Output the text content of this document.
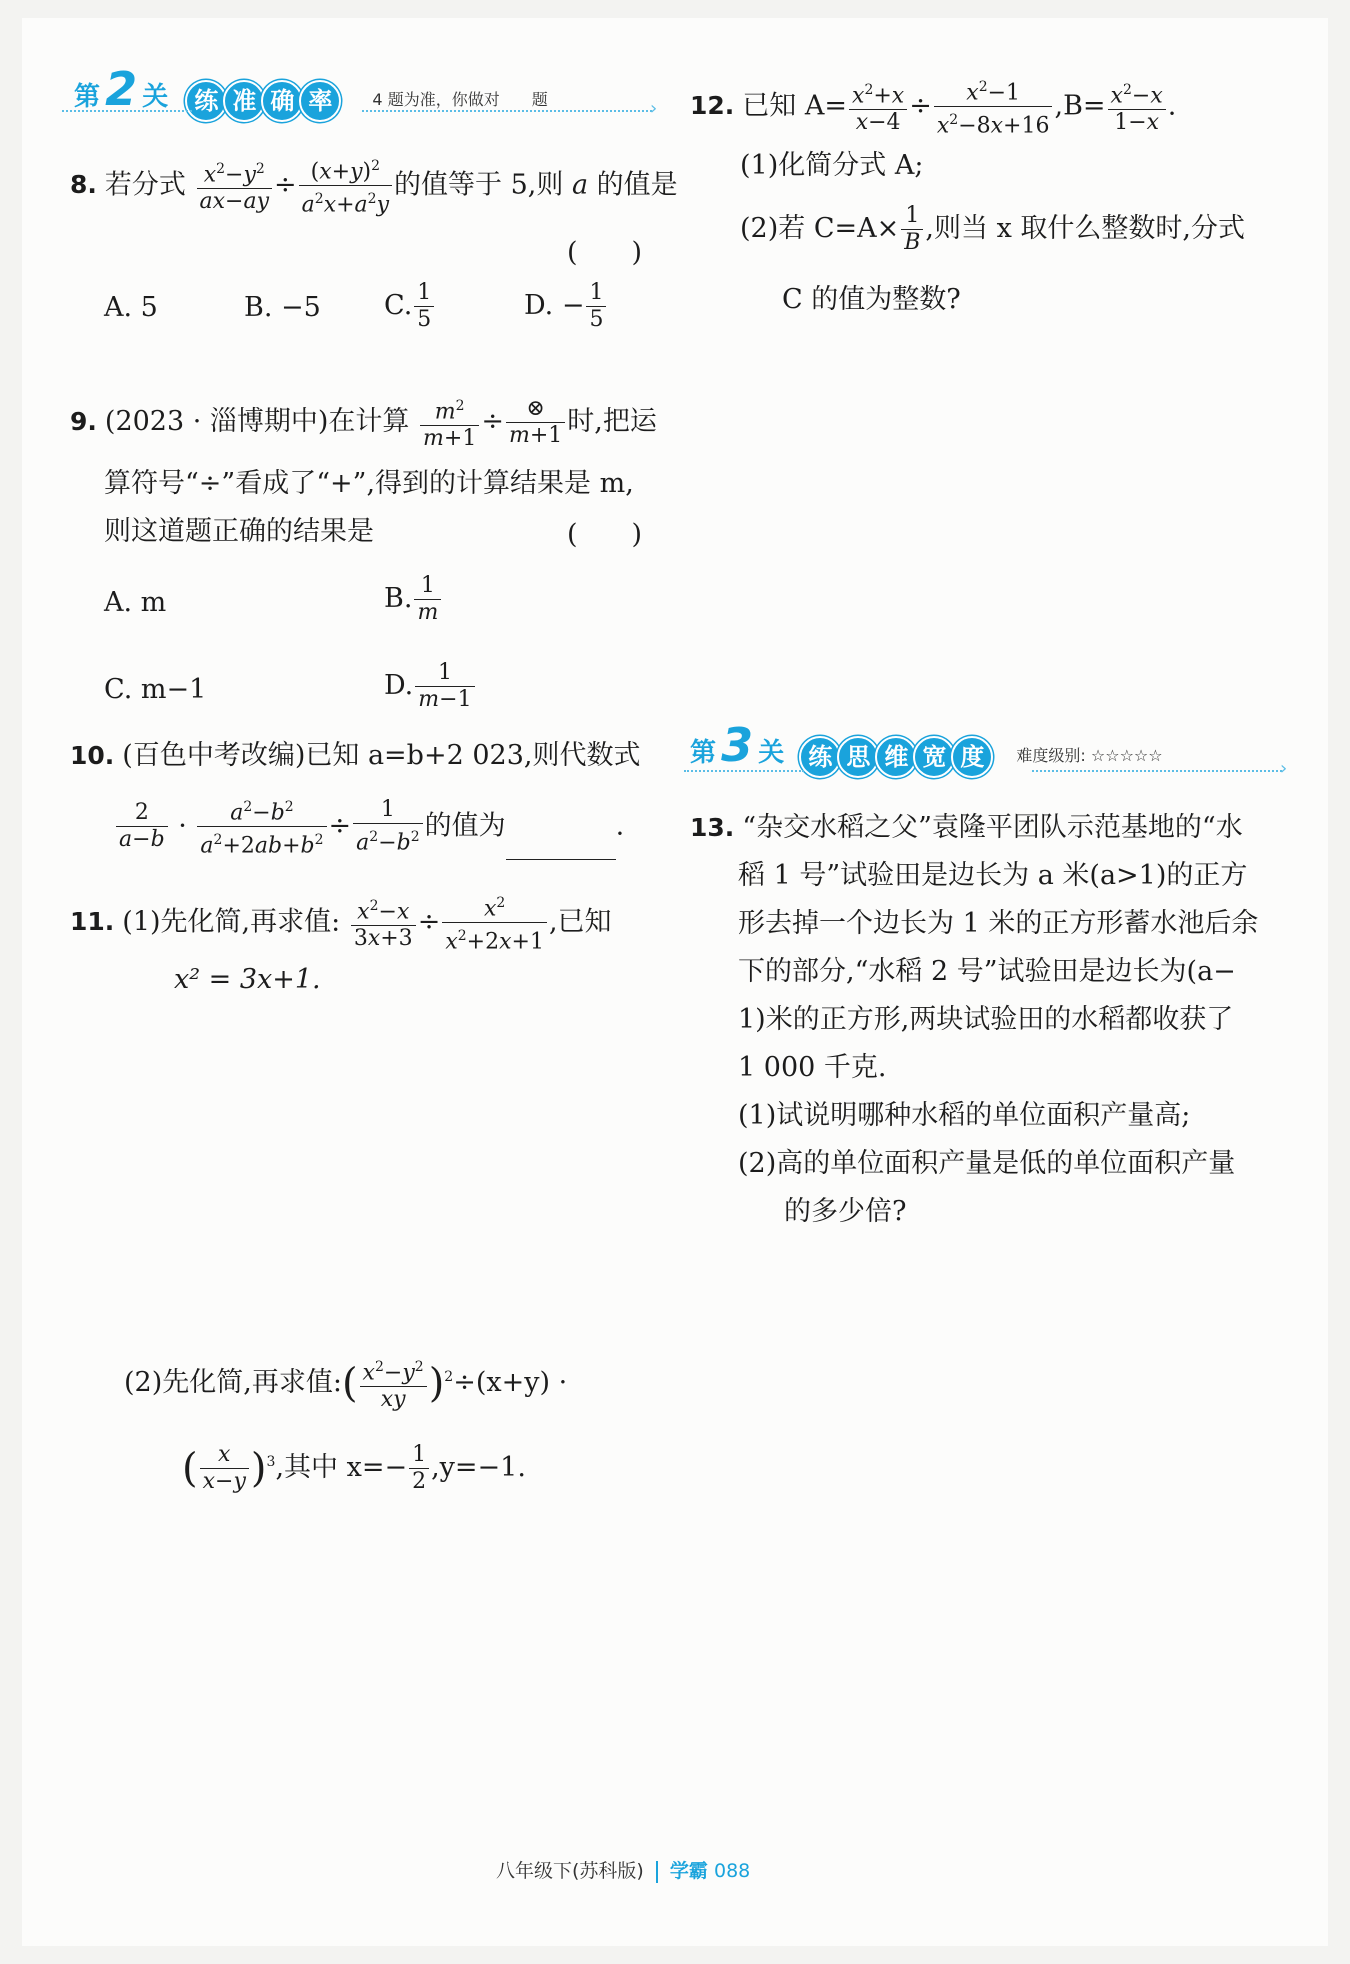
第 2 关	练 准 确 率	4 题为准，你做对　　题	›
8. 若分式 $\frac{x^2-y^2}{ax-ay} \div \frac{(x+y)^2}{a^2x+a^2y}$ 的值等于 5,则 a 的值是
(　　)
A. 5	B. −5 C. $\frac{1}{5}$	D. − $\frac{1}{5}$
9. (2023 · 淄博期中)在计算 $\frac{m^2}{m+1}$ ÷	⊗
m+1 时,把运
算符号“÷”看成了“+”,得到的计算结果是 m,
则这道题正确的结果是	(　　)
A. m	B. $\frac{1}{m}$
C. m−1	D. $\frac{1}{m-1}$
10. (百色中考改编)已知 a=b+2 023,则代数式
$\frac{2}{a-b} \cdot \frac{a^2-b^2}{a^2+2ab+b^2} \div \frac{1}{a^2-b^2}$ 的值为	.
11. (1)先化简,再求值: $\frac{x^2-x}{3x+3} \div \frac{x^2}{x^2+2x+1}$ ,已知
x² = 3x+1.
(2)先化简,再求值:( $\frac{x^2-y^2}{xy} )^2\div(x+y)$ ·
( $\frac{x}{x-y} )^3$,其中 $x=- \frac{1}{2} ,y=-1$.
12. 已知 $A= \frac{x^2+x}{x-4} \div \frac{x^2-1}{x^2-8x+16} ,B= \frac{x^2-x}{1-x}$ .
(1)化简分式 A;
(2)若 $C=A\times \frac{1}{B}$ ,则当 x 取什么整数时,分式
C 的值为整数?
第 3 关	练 思 维 宽 度	难度级别: ☆☆☆☆☆
›
13. “杂交水稻之父”袁隆平团队示范基地的“水
稻 1 号”试验田是边长为 a 米(a>1)的正方
形去掉一个边长为 1 米的正方形蓄水池后余
下的部分,“水稻 2 号”试验田是边长为(a−
1)米的正方形,两块试验田的水稻都收获了
1 000 千克.
(1)试说明哪种水稻的单位面积产量高;
(2)高的单位面积产量是低的单位面积产量
的多少倍?
八年级下(苏科版) 学霸 088
